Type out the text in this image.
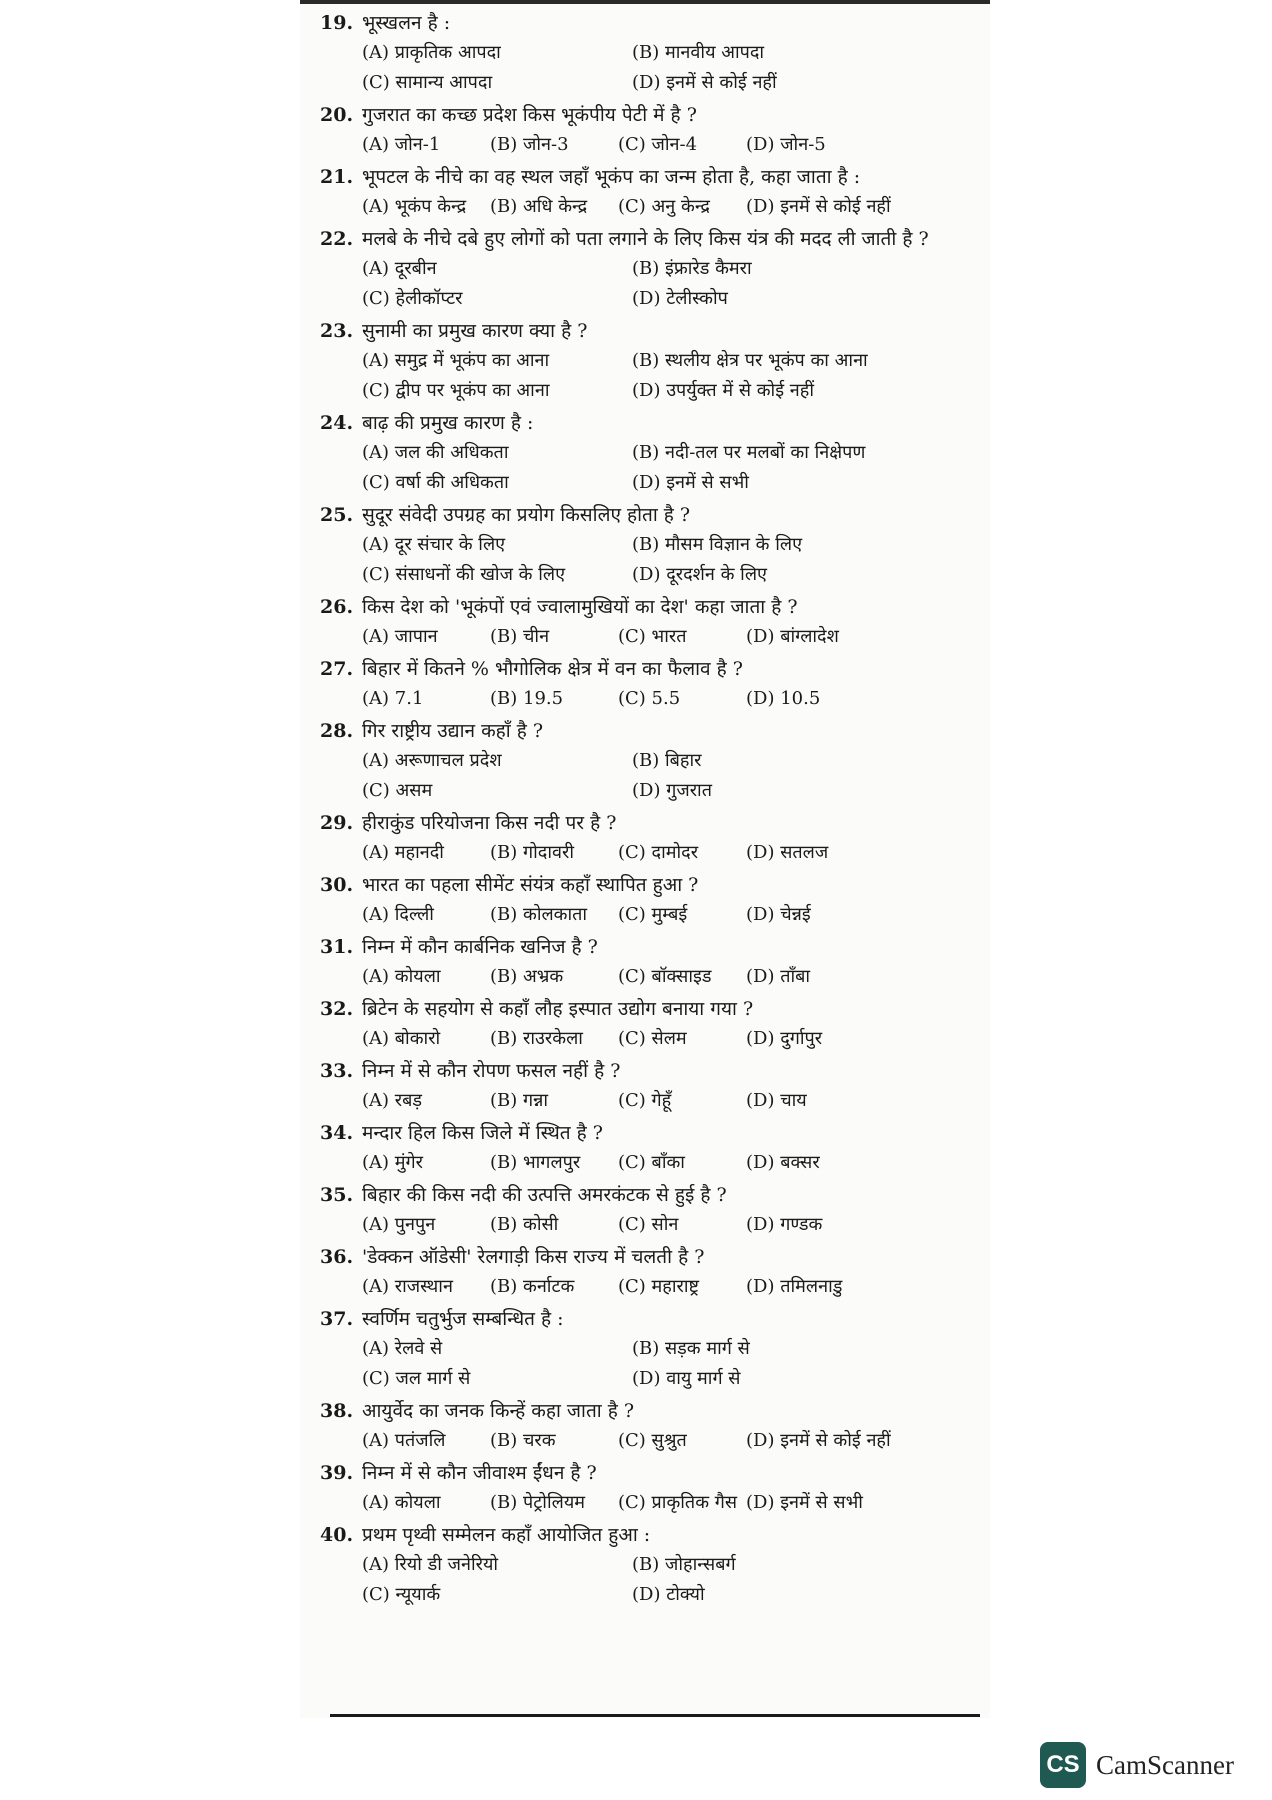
19. भूस्खलन है :
(A) प्राकृतिक आपदा	(B) मानवीय आपदा
(C) सामान्य आपदा	(D) इनमें से कोई नहीं
20. गुजरात का कच्छ प्रदेश किस भूकंपीय पेटी में है ?
(A) जोन-1	(B) जोन-3	(C) जोन-4	(D) जोन-5
21. भूपटल के नीचे का वह स्थल जहाँ भूकंप का जन्म होता है, कहा जाता है :
(A) भूकंप केन्द्र	(B) अधि केन्द्र	(C) अनु केन्द्र	(D) इनमें से कोई नहीं
22. मलबे के नीचे दबे हुए लोगों को पता लगाने के लिए किस यंत्र की मदद ली जाती है ?
(A) दूरबीन	(B) इंफ्रारेड कैमरा
(C) हेलीकॉप्टर	(D) टेलीस्कोप
23. सुनामी का प्रमुख कारण क्या है ?
(A) समुद्र में भूकंप का आना	(B) स्थलीय क्षेत्र पर भूकंप का आना
(C) द्वीप पर भूकंप का आना	(D) उपर्युक्त में से कोई नहीं
24. बाढ़ की प्रमुख कारण है :
(A) जल की अधिकता	(B) नदी-तल पर मलबों का निक्षेपण
(C) वर्षा की अधिकता	(D) इनमें से सभी
25. सुदूर संवेदी उपग्रह का प्रयोग किसलिए होता है ?
(A) दूर संचार के लिए	(B) मौसम विज्ञान के लिए
(C) संसाधनों की खोज के लिए	(D) दूरदर्शन के लिए
26. किस देश को 'भूकंपों एवं ज्वालामुखियों का देश' कहा जाता है ?
(A) जापान	(B) चीन	(C) भारत	(D) बांग्लादेश
27. बिहार में कितने % भौगोलिक क्षेत्र में वन का फैलाव है ?
(A) 7.1	(B) 19.5	(C) 5.5	(D) 10.5
28. गिर राष्ट्रीय उद्यान कहाँ है ?
(A) अरूणाचल प्रदेश	(B) बिहार
(C) असम	(D) गुजरात
29. हीराकुंड परियोजना किस नदी पर है ?
(A) महानदी	(B) गोदावरी	(C) दामोदर	(D) सतलज
30. भारत का पहला सीमेंट संयंत्र कहाँ स्थापित हुआ ?
(A) दिल्ली	(B) कोलकाता	(C) मुम्बई	(D) चेन्नई
31. निम्न में कौन कार्बनिक खनिज है ?
(A) कोयला	(B) अभ्रक	(C) बॉक्साइड	(D) ताँबा
32. ब्रिटेन के सहयोग से कहाँ लौह इस्पात उद्योग बनाया गया ?
(A) बोकारो	(B) राउरकेला	(C) सेलम	(D) दुर्गापुर
33. निम्न में से कौन रोपण फसल नहीं है ?
(A) रबड़	(B) गन्ना	(C) गेहूँ	(D) चाय
34. मन्दार हिल किस जिले में स्थित है ?
(A) मुंगेर	(B) भागलपुर	(C) बाँका	(D) बक्सर
35. बिहार की किस नदी की उत्पत्ति अमरकंटक से हुई है ?
(A) पुनपुन	(B) कोसी	(C) सोन	(D) गण्डक
36. 'डेक्कन ऑडेसी' रेलगाड़ी किस राज्य में चलती है ?
(A) राजस्थान	(B) कर्नाटक	(C) महाराष्ट्र	(D) तमिलनाडु
37. स्वर्णिम चतुर्भुज सम्बन्धित है :
(A) रेलवे से	(B) सड़क मार्ग से
(C) जल मार्ग से	(D) वायु मार्ग से
38. आयुर्वेद का जनक किन्हें कहा जाता है ?
(A) पतंजलि	(B) चरक	(C) सुश्रुत	(D) इनमें से कोई नहीं
39. निम्न में से कौन जीवाश्म ईंधन है ?
(A) कोयला	(B) पेट्रोलियम	(C) प्राकृतिक गैस (D) इनमें से सभी
40. प्रथम पृथ्वी सम्मेलन कहाँ आयोजित हुआ :
(A) रियो डी जनेरियो	(B) जोहान्सबर्ग
(C) न्यूयार्क	(D) टोक्यो
CS CamScanner
